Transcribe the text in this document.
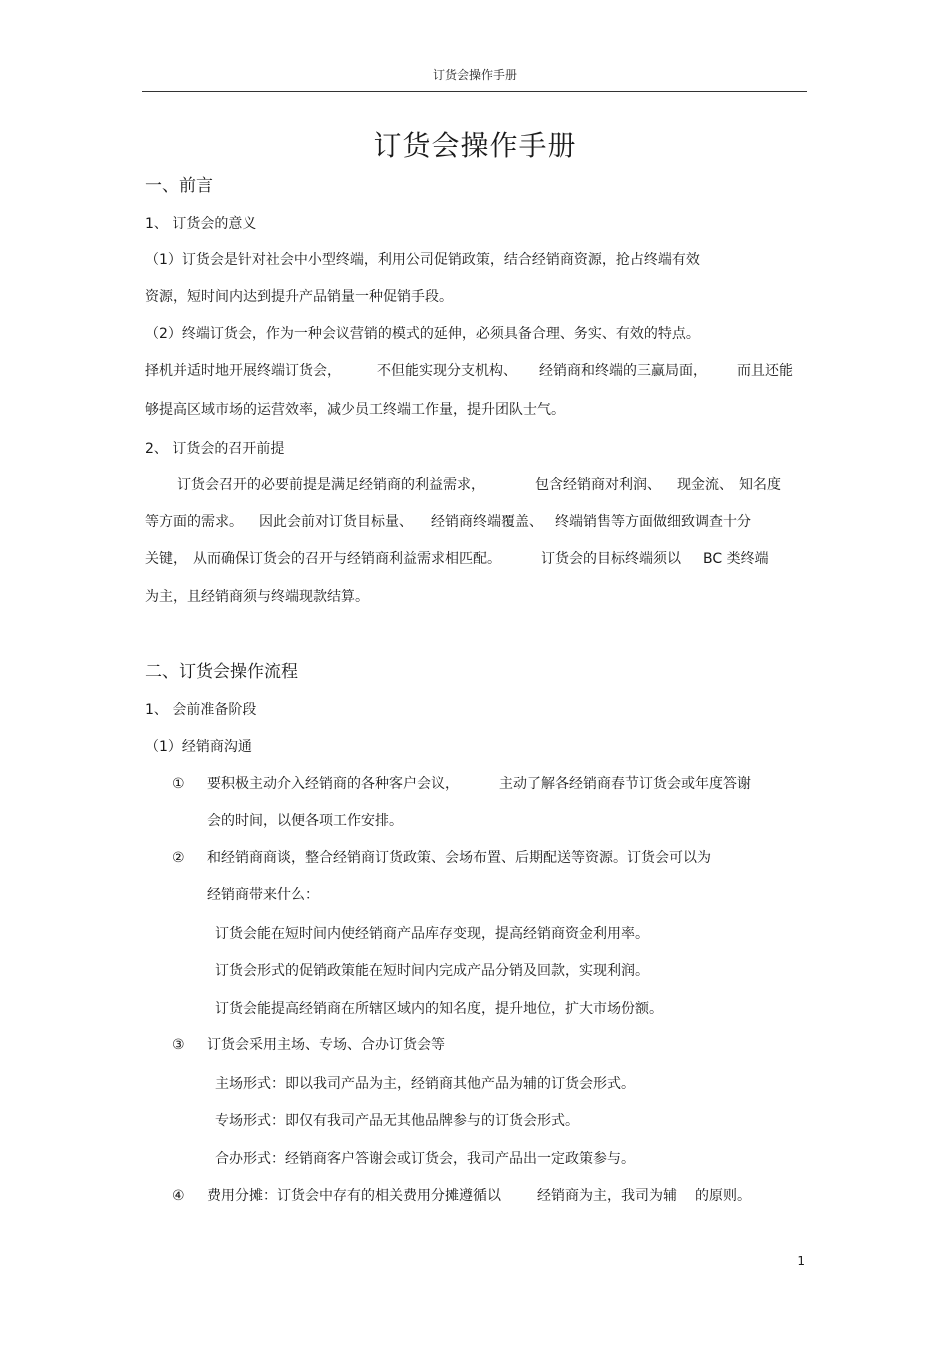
订货会操作手册
订货会操作手册
一、前言
1、 订货会的意义
（1）订货会是针对社会中小型终端，利用公司促销政策，结合经销商资源，抢占终端有效
资源，短时间内达到提升产品销量一种促销手段。
（2）终端订货会，作为一种会议营销的模式的延伸，必须具备合理、务实、有效的特点。
择机并适时地开展终端订货会，	不但能实现分支机构、 经销商和终端的三赢局面， 而且还能
够提高区域市场的运营效率，减少员工终端工作量，提升团队士气。
2、 订货会的召开前提
订货会召开的必要前提是满足经销商的利益需求，	包含经销商对利润、 现金流、 知名度
等方面的需求。 因此会前对订货目标量、 经销商终端覆盖、 终端销售等方面做细致调查十分
关键， 从而确保订货会的召开与经销商利益需求相匹配。	订货会的目标终端须以 BC 类终端
为主，且经销商须与终端现款结算。
二、订货会操作流程
1、 会前准备阶段
（1）经销商沟通
① 要积极主动介入经销商的各种客户会议，	主动了解各经销商春节订货会或年度答谢
会的时间，以便各项工作安排。
② 和经销商商谈，整合经销商订货政策、会场布置、后期配送等资源。订货会可以为
经销商带来什么：
订货会能在短时间内使经销商产品库存变现，提高经销商资金利用率。
订货会形式的促销政策能在短时间内完成产品分销及回款，实现利润。
订货会能提高经销商在所辖区域内的知名度，提升地位，扩大市场份额。
③ 订货会采用主场、专场、合办订货会等
主场形式：即以我司产品为主，经销商其他产品为辅的订货会形式。
专场形式：即仅有我司产品无其他品牌参与的订货会形式。
合办形式：经销商客户答谢会或订货会，我司产品出一定政策参与。
④ 费用分摊：订货会中存有的相关费用分摊遵循以	经销商为主，我司为辅 的原则。
1
